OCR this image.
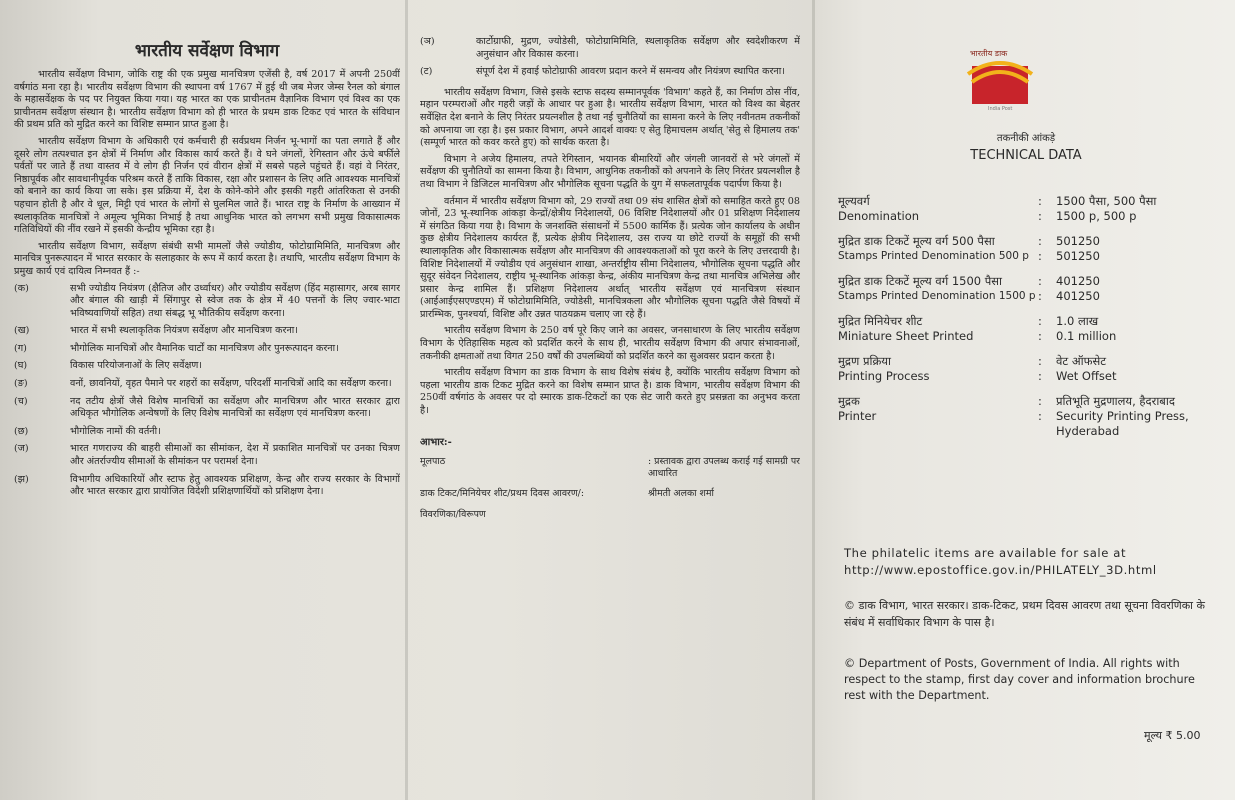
भारतीय सर्वेक्षण विभाग

भारतीय सर्वेक्षण विभाग, जोकि राष्ट्र की एक प्रमुख मानचित्रण एजेंसी है, वर्ष 2017 में अपनी 250वीं वर्षगांठ मना रहा है। भारतीय सर्वेक्षण विभाग की स्थापना वर्ष 1767 में हुई थी जब मेजर जेम्स रैनल को बंगाल के महासर्वेक्षक के पद पर नियुक्त किया गया। यह भारत का एक प्राचीनतम वैज्ञानिक विभाग एवं विश्व का एक प्राचीनतम सर्वेक्षण संस्थान है। भारतीय सर्वेक्षण विभाग को ही भारत के प्रथम डाक टिकट एवं भारत के संविधान की प्रथम प्रति को मुद्रित करने का विशिष्ट सम्मान प्राप्त हुआ है।

भारतीय सर्वेक्षण विभाग के अधिकारी एवं कर्मचारी ही सर्वप्रथम निर्जन भू-भागों का पता लगाते हैं और दूसरे लोग तत्पश्चात इन क्षेत्रों में निर्माण और विकास कार्य करते हैं। वे घने जंगलों, रेगिस्तान और ऊंचे बर्फीले पर्वतों पर जाते हैं तथा वास्तव में वे लोग ही निर्जन एवं वीरान क्षेत्रों में सबसे पहले पहुंचते हैं। वहां वे निरंतर, निष्ठापूर्वक और सावधानीपूर्वक परिश्रम करते हैं ताकि विकास, रक्षा और प्रशासन के लिए अति आवश्यक मानचित्रों को बनाने का कार्य किया जा सके। इस प्रक्रिया में, देश के कोने-कोने और इसकी गहरी आंतरिकता से उनकी पहचान होती है और वे धूल, मिट्टी एवं भारत के लोगों से घुलमिल जाते हैं। भारत राष्ट्र के निर्माण के आख्यान में स्थलाकृतिक मानचित्रों ने अमूल्य भूमिका निभाई है तथा आधुनिक भारत को लगभग सभी प्रमुख विकासात्मक गतिविधियों की नींव रखने में इसकी केन्द्रीय भूमिका रहा है।

भारतीय सर्वेक्षण विभाग, सर्वेक्षण संबंधी सभी मामलों जैसे ज्योडीय, फोटोग्रामिमिति, मानचित्रण और मानचित्र पुनरूत्पादन में भारत सरकार के सलाहकार के रूप में कार्य करता है। तथापि, भारतीय सर्वेक्षण विभाग के प्रमुख कार्य एवं दायित्व निम्नवत हैं :-

(क)	सभी ज्योडीय नियंत्रण (क्षैतिज और उर्ध्वाधर) और ज्योडीय सर्वेक्षण (हिंद महासागर, अरब सागर और बंगाल की खाड़ी में सिंगापुर से स्वेज तक के क्षेत्र में 40 पत्तनों के लिए ज्वार-भाटा भविष्यवाणियों सहित) तथा संबद्ध भू भौतिकीय सर्वेक्षण करना।
(ख)	भारत में सभी स्थलाकृतिक नियंत्रण सर्वेक्षण और मानचित्रण करना।
(ग)	भौगोलिक मानचित्रों और वैमानिक चार्टों का मानचित्रण और पुनरूत्पादन करना।
(घ)	विकास परियोजनाओं के लिए सर्वेक्षण।
(ङ)	वनों, छावनियों, वृहत पैमाने पर शहरों का सर्वेक्षण, परिदर्शी मानचित्रों आदि का सर्वेक्षण करना।
(च)	नद तटीय क्षेत्रों जैसे विशेष मानचित्रों का सर्वेक्षण और मानचित्रण और भारत सरकार द्वारा अधिकृत भौगोलिक अन्वेषणों के लिए विशेष मानचित्रों का सर्वेक्षण एवं मानचित्रण करना।
(छ)	भौगोलिक नामों की वर्तनी।
(ज)	भारत गणराज्य की बाहरी सीमाओं का सीमांकन, देश में प्रकाशित मानचित्रों पर उनका चित्रण और अंतर्राज्यीय सीमाओं के सीमांकन पर परामर्श देना।
(झ)	विभागीय अधिकारियों और स्टाफ हेतु आवश्यक प्रशिक्षण, केन्द्र और राज्य सरकार के विभागों और भारत सरकार द्वारा प्रायोजित विदेशी प्रशिक्षणार्थियों को प्रशिक्षण देना।
(ञ)	कार्टोग्राफी, मुद्रण, ज्योडेसी, फोटोग्रामिमिति, स्थलाकृतिक सर्वेक्षण और स्वदेशीकरण में अनुसंधान और विकास करना।
(ट)	संपूर्ण देश में हवाई फोटोग्राफी आवरण प्रदान करने में समन्वय और नियंत्रण स्थापित करना।

भारतीय सर्वेक्षण विभाग, जिसे इसके स्टाफ सदस्य सम्मानपूर्वक 'विभाग' कहते हैं, का निर्माण ठोस नींव, महान परम्पराओं और गहरी जड़ों के आधार पर हुआ है। भारतीय सर्वेक्षण विभाग, भारत को विश्व का बेहतर सर्वेक्षित देश बनाने के लिए निरंतर प्रयत्नशील है तथा नई चुनौतियों का सामना करने के लिए नवीनतम तकनीकों को अपनाया जा रहा है। इस प्रकार विभाग, अपने आदर्श वाक्यः ए सेतु हिमाचलम अर्थात् 'सेतु से हिमालय तक' (सम्पूर्ण भारत को कवर करते हुए) को सार्थक करता है।

विभाग ने अजेय हिमालय, तपते रेगिस्तान, भयानक बीमारियों और जंगली जानवरों से भरे जंगलों में सर्वेक्षण की चुनौतियों का सामना किया है। विभाग, आधुनिक तकनीकों को अपनाने के लिए निरंतर प्रयत्नशील है तथा विभाग ने डिजिटल मानचित्रण और भौगोलिक सूचना पद्धति के युग में सफलतापूर्वक पदार्पण किया है।

वर्तमान में भारतीय सर्वेक्षण विभाग को, 29 राज्यों तथा 09 संघ शासित क्षेत्रों को समाहित करते हुए 08 जोनों, 23 भू-स्थानिक आंकड़ा केन्द्रों/क्षेत्रीय निदेशालयों, 06 विशिष्ट निदेशालयों और 01 प्रशिक्षण निदेशालय में संगठित किया गया है। विभाग के जनशक्ति संसाधनों में 5500 कार्मिक हैं। प्रत्येक जोन कार्यालय के अधीन कुछ क्षेत्रीय निदेशालय कार्यरत हैं, प्रत्येक क्षेत्रीय निदेशालय, उस राज्य या छोटे राज्यों के समूहों की सभी स्थालाकृतिक और विकासात्मक सर्वेक्षण और मानचित्रण की आवश्यकताओं को पूरा करने के लिए उत्तरदायी है। विशिष्ट निदेशालयों में ज्योडीय एवं अनुसंधान शाखा, अन्तर्राष्ट्रीय सीमा निदेशालय, भौगोलिक सूचना पद्धति और सुदूर संवेदन निदेशालय, राष्ट्रीय भू-स्थानिक आंकड़ा केन्द्र, अंकीय मानचित्रण केन्द्र तथा मानचित्र अभिलेख और प्रसार केन्द्र शामिल हैं। प्रशिक्षण निदेशालय अर्थात् भारतीय सर्वेक्षण एवं मानचित्रण संस्थान (आईआईएसएण्डएम) में फोटोग्रामिमिति, ज्योडेसी, मानचित्रकला और भौगोलिक सूचना पद्धति जैसे विषयों में प्रारम्भिक, पुनश्चर्या, विशिष्ट और उन्नत पाठयक्रम चलाए जा रहे हैं।

भारतीय सर्वेक्षण विभाग के 250 वर्ष पूरे किए जाने का अवसर, जनसाधारण के लिए भारतीय सर्वेक्षण विभाग के ऐतिहासिक महत्व को प्रदर्शित करने के साथ ही, भारतीय सर्वेक्षण विभाग की अपार संभावनाओं, तकनीकी क्षमताओं तथा विगत 250 वर्षों की उपलब्धियों को प्रदर्शित करने का सुअवसर प्रदान करता है।

भारतीय सर्वेक्षण विभाग का डाक विभाग के साथ विशेष संबंध है, क्योंकि भारतीय सर्वेक्षण विभाग को पहला भारतीय डाक टिकट मुद्रित करने का विशेष सम्मान प्राप्त है। डाक विभाग, भारतीय सर्वेक्षण विभाग की 250वीं वर्षगांठ के अवसर पर दो स्मारक डाक-टिकटों का एक सेट जारी करते हुए प्रसन्नता का अनुभव करता है।

आभार:-
मूलपाठ	: प्रस्तावक द्वारा उपलब्ध कराई गई सामग्री पर आधारित
डाक टिकट/मिनियेचर शीट/प्रथम दिवस आवरण/:	श्रीमती अलका शर्मा
विवरणिका/विरूपण
भारतीय डाक
India Post
तकनीकी आंकड़े
TECHNICAL DATA
मूल्यवर्ग	:	1500 पैसा, 500 पैसा
Denomination	:	1500 p, 500 p
मुद्रित डाक टिकटें मूल्य वर्ग 500 पैसा	:	501250
Stamps Printed Denomination 500 p	:	501250
मुद्रित डाक टिकटें मूल्य वर्ग 1500 पैसा	:	401250
Stamps Printed Denomination 1500 p	:	401250
मुद्रित मिनियेचर शीट	:	1.0 लाख
Miniature Sheet Printed	:	0.1 million
मुद्रण प्रक्रिया	:	वेट ऑफसेट
Printing Process	:	Wet Offset
मुद्रक	:	प्रतिभूति मुद्रणालय, हैदराबाद
Printer	:	Security Printing Press, Hyderabad
The philatelic items are available for sale at http://www.epostoffice.gov.in/PHILATELY_3D.html
© डाक विभाग, भारत सरकार। डाक-टिकट, प्रथम दिवस आवरण तथा सूचना विवरणिका के संबंध में सर्वाधिकार विभाग के पास है।
© Department of Posts, Government of India. All rights with respect to the stamp, first day cover and information brochure rest with the Department.
मूल्य ₹ 5.00
